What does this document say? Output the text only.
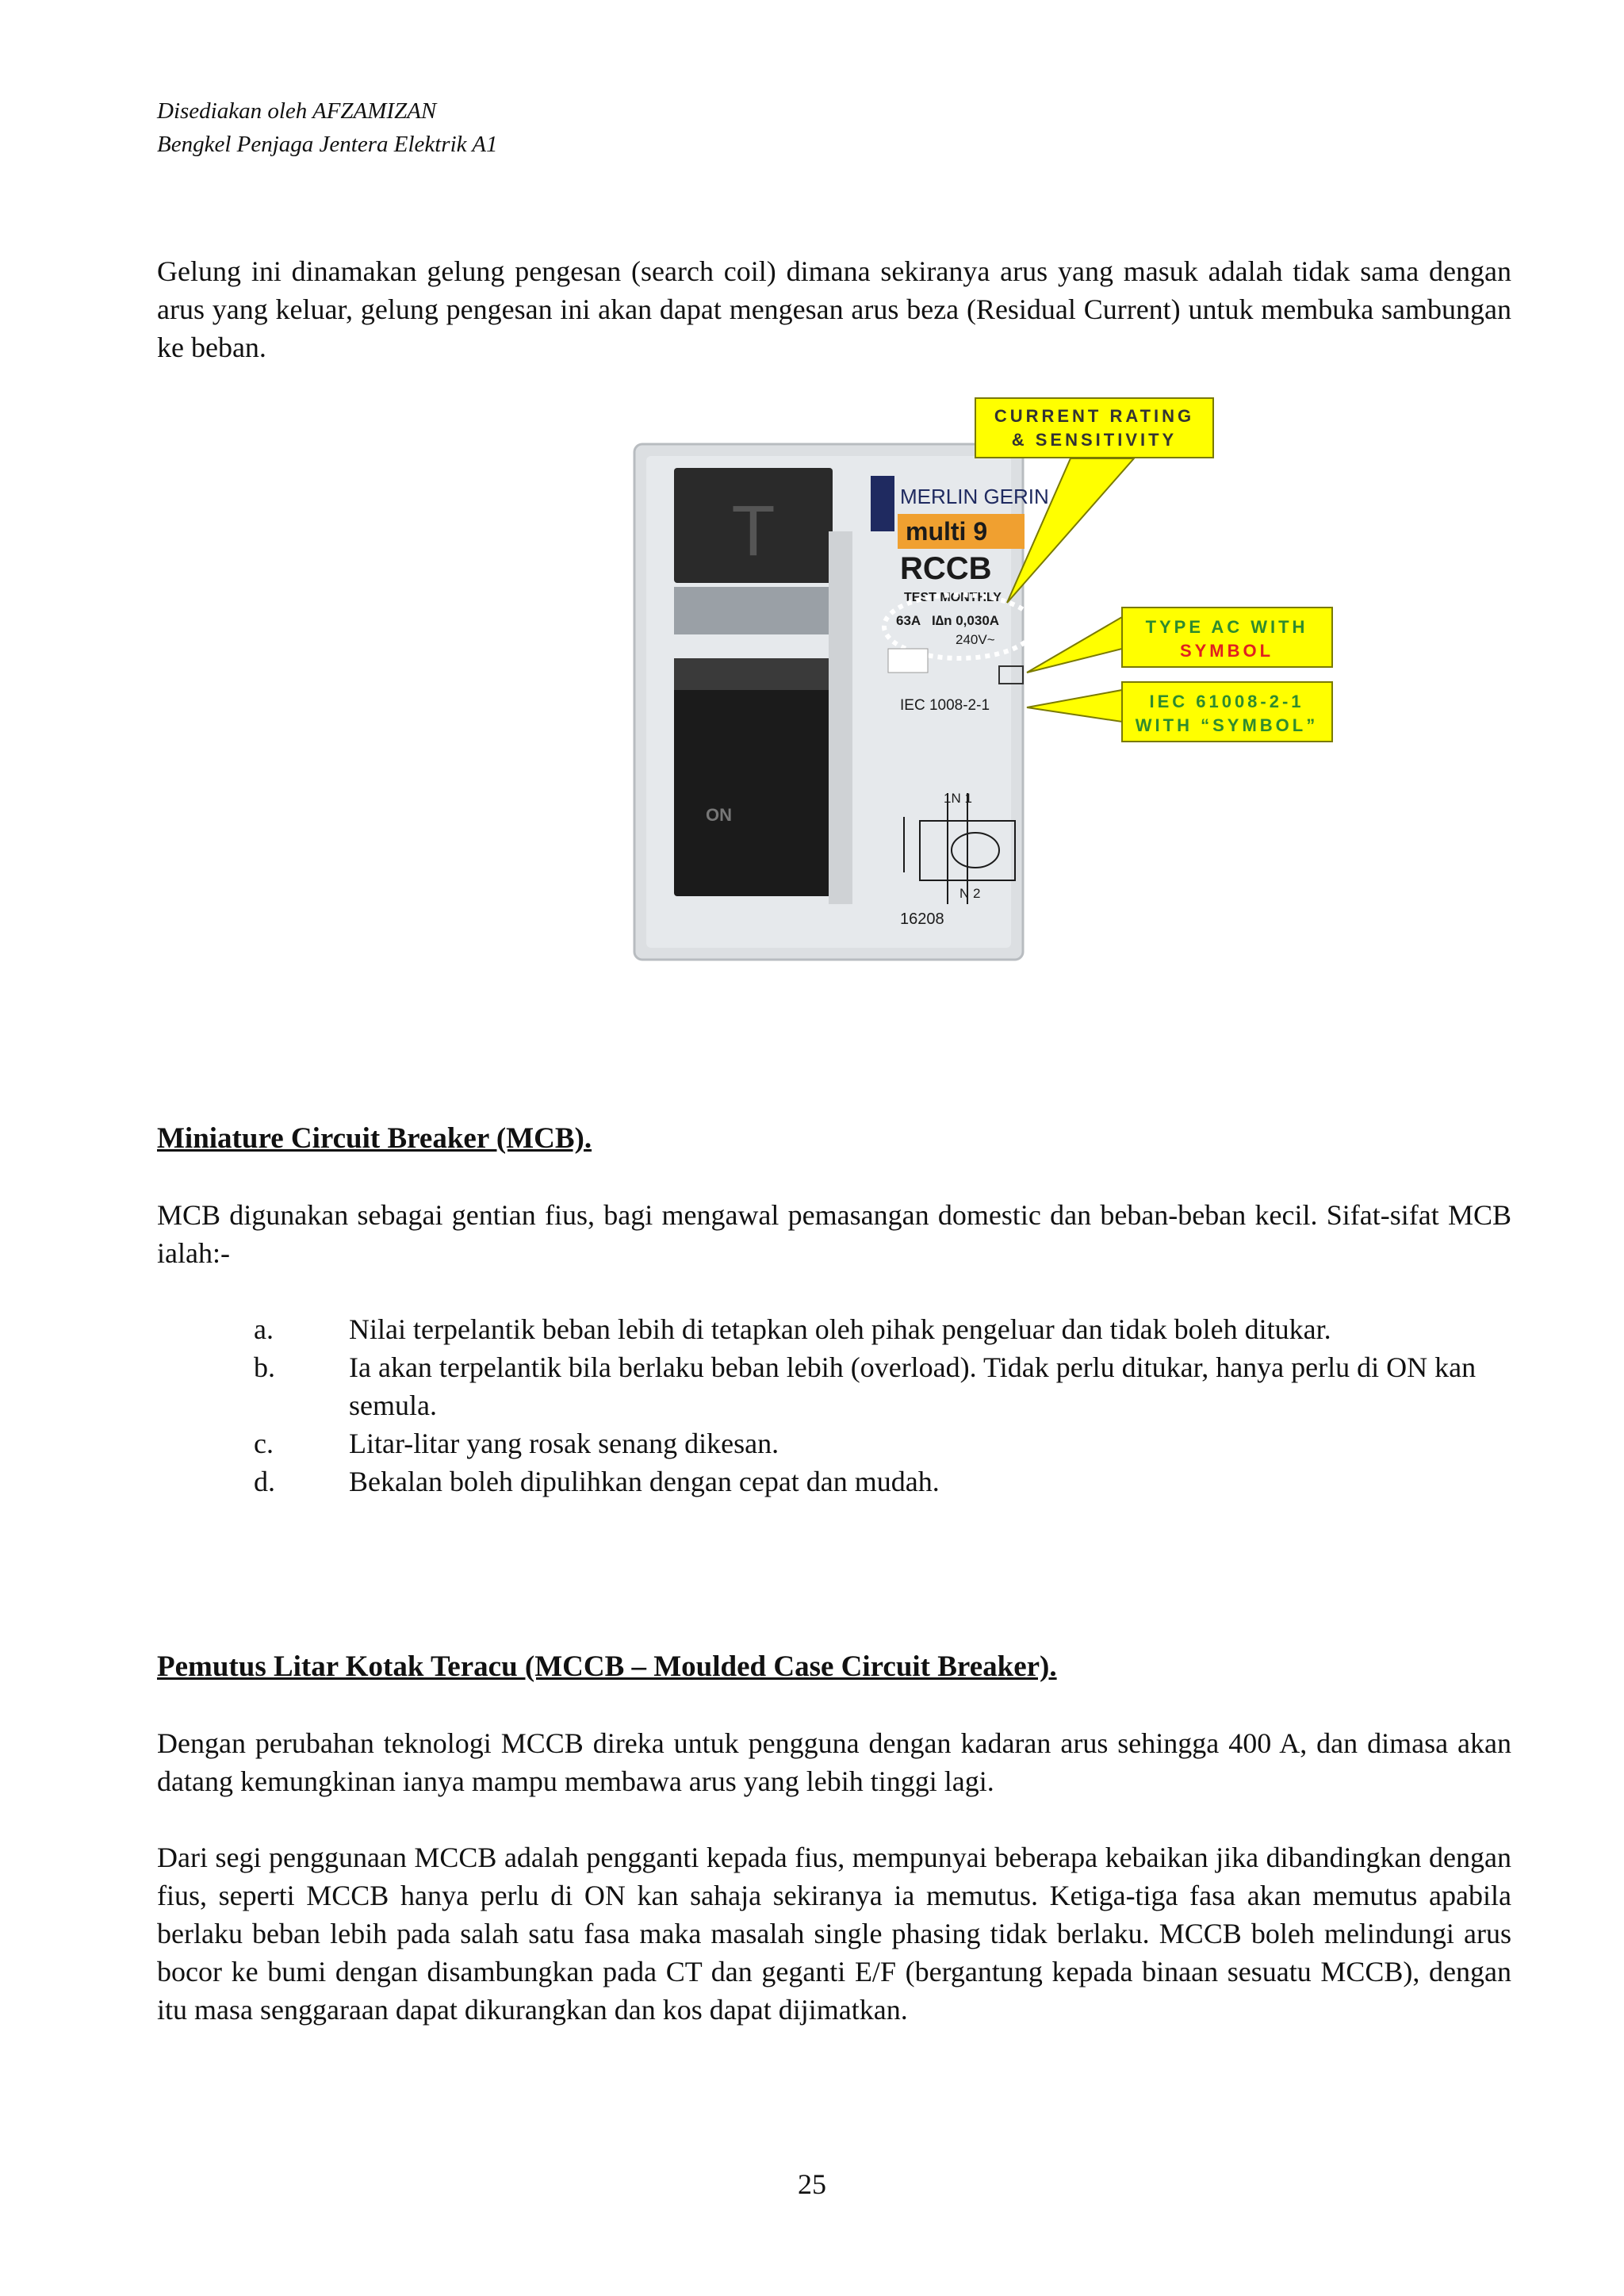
Disediakan oleh AFZAMIZAN
Bengkel Penjaga Jentera Elektrik A1

Gelung ini dinamakan gelung pengesan (search coil) dimana sekiranya arus yang masuk adalah tidak sama dengan arus yang keluar, gelung pengesan ini akan dapat mengesan arus beza (Residual Current) untuk membuka sambungan ke beban.

T
ON
MERLIN GERIN
multi 9
RCCB
TEST MONTHLY
63A I∆n 0,030A
240V~
IEC 1008-2-1
1N 1
N 2
16208
CURRENT RATING
& SENSITIVITY
TYPE AC WITH
SYMBOL
IEC 61008-2-1
WITH “SYMBOL”
Miniature Circuit Breaker (MCB).

MCB digunakan sebagai gentian fius, bagi mengawal pemasangan domestic dan beban-beban kecil. Sifat-sifat MCB ialah:-

a.	Nilai terpelantik beban lebih di tetapkan oleh pihak pengeluar dan tidak boleh ditukar.
b.	Ia akan terpelantik bila berlaku beban lebih (overload). Tidak perlu ditukar, hanya perlu di ON kan semula.
c.	Litar-litar yang rosak senang dikesan.
d.	Bekalan boleh dipulihkan dengan cepat dan mudah.
Pemutus Litar Kotak Teracu (MCCB – Moulded Case Circuit Breaker).

Dengan perubahan teknologi MCCB direka untuk pengguna dengan kadaran arus sehingga 400 A, dan dimasa akan datang kemungkinan ianya mampu membawa arus yang lebih tinggi lagi.

Dari segi penggunaan MCCB adalah pengganti kepada fius, mempunyai beberapa kebaikan jika dibandingkan dengan fius, seperti MCCB hanya perlu di ON kan sahaja sekiranya ia memutus. Ketiga-tiga fasa akan memutus apabila berlaku beban lebih pada salah satu fasa maka masalah single phasing tidak berlaku. MCCB boleh melindungi arus bocor ke bumi dengan disambungkan pada CT dan geganti E/F (bergantung kepada binaan sesuatu MCCB), dengan itu masa senggaraan dapat dikurangkan dan kos dapat dijimatkan.

25
